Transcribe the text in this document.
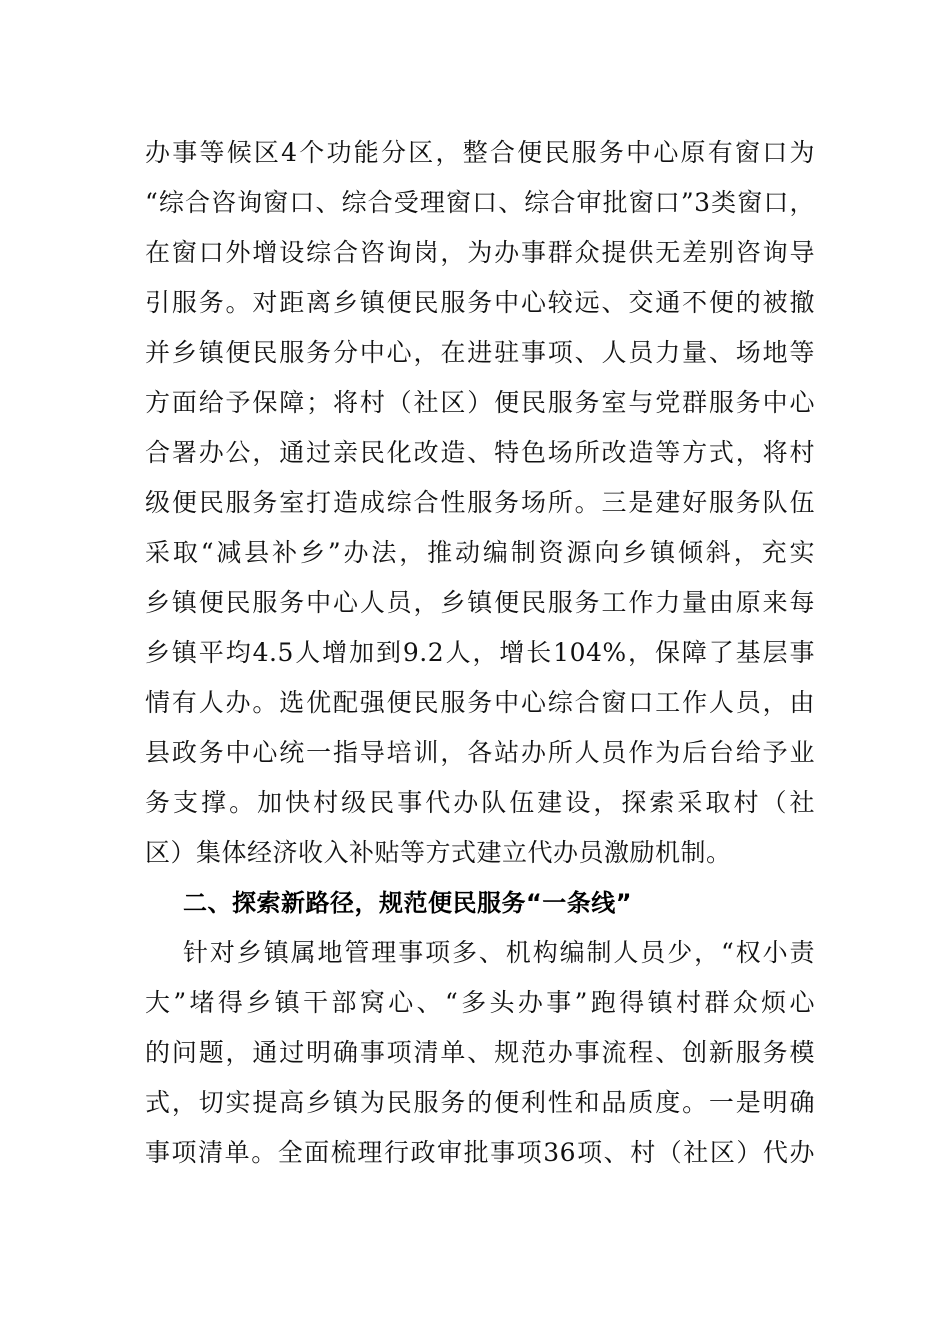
办事等候区4个功能分区，整合便民服务中心原有窗口为
“综合咨询窗口、综合受理窗口、综合审批窗口”3类窗口，
在窗口外增设综合咨询岗，为办事群众提供无差别咨询导
引服务。对距离乡镇便民服务中心较远、交通不便的被撤
并乡镇便民服务分中心，在进驻事项、人员力量、场地等
方面给予保障；将村（社区）便民服务室与党群服务中心
合署办公，通过亲民化改造、特色场所改造等方式，将村
级便民服务室打造成综合性服务场所。三是建好服务队伍
采取“减县补乡”办法，推动编制资源向乡镇倾斜，充实
乡镇便民服务中心人员，乡镇便民服务工作力量由原来每
乡镇平均4.5人增加到9.2人，增长104%，保障了基层事
情有人办。选优配强便民服务中心综合窗口工作人员，由
县政务中心统一指导培训，各站办所人员作为后台给予业
务支撑。加快村级民事代办队伍建设，探索采取村（社
区）集体经济收入补贴等方式建立代办员激励机制。
二、探索新路径，规范便民服务“一条线”
针对乡镇属地管理事项多、机构编制人员少，“权小责
大”堵得乡镇干部窝心、“多头办事”跑得镇村群众烦心
的问题，通过明确事项清单、规范办事流程、创新服务模
式，切实提高乡镇为民服务的便利性和品质度。一是明确
事项清单。全面梳理行政审批事项36项、村（社区）代办
